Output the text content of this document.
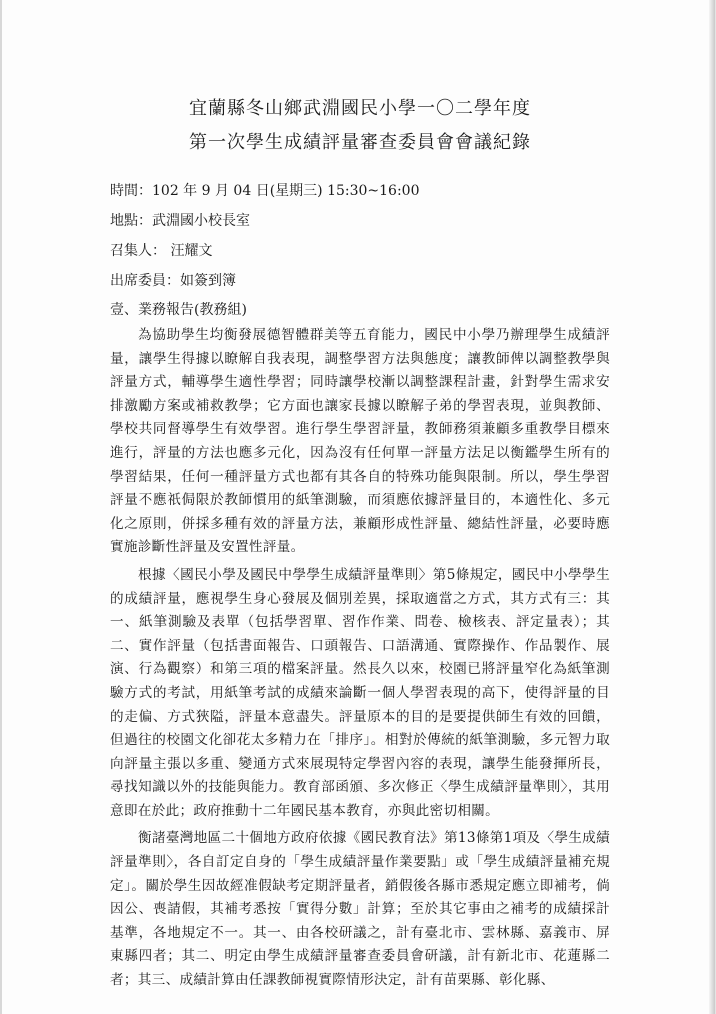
宜蘭縣冬山鄉武淵國民小學一〇二學年度
第一次學生成績評量審查委員會會議紀錄

時間：102 年 9 月 04 日(星期三) 15:30~16:00

地點：武淵國小校長室

召集人： 汪耀文

出席委員：如簽到簿

壹、業務報告(教務組)

為協助學生均衡發展德智體群美等五育能力，國民中小學乃辦理學生成績評量，讓學生得據以瞭解自我表現，調整學習方法與態度；讓教師俾以調整教學與評量方式，輔導學生適性學習；同時讓學校漸以調整課程計畫，針對學生需求安排激勵方案或補救教學；它方面也讓家長據以瞭解子弟的學習表現，並與教師、學校共同督導學生有效學習。進行學生學習評量，教師務須兼顧多重教學目標來進行，評量的方法也應多元化，因為沒有任何單一評量方法足以衡鑑學生所有的學習結果，任何一種評量方式也都有其各自的特殊功能與限制。所以，學生學習評量不應祇侷限於教師慣用的紙筆測驗，而須應依據評量目的，本適性化、多元化之原則，併採多種有效的評量方法，兼顧形成性評量、總結性評量，必要時應實施診斷性評量及安置性評量。

根據〈國民小學及國民中學學生成績評量準則〉第5條規定，國民中小學學生的成績評量，應視學生身心發展及個別差異，採取適當之方式，其方式有三：其一、紙筆測驗及表單（包括學習單、習作作業、問卷、檢核表、評定量表）；其二、實作評量（包括書面報告、口頭報告、口語溝通、實際操作、作品製作、展演、行為觀察）和第三項的檔案評量。然長久以來，校園已將評量窄化為紙筆測驗方式的考試，用紙筆考試的成績來論斷一個人學習表現的高下，使得評量的目的走偏、方式狹隘，評量本意盡失。評量原本的目的是要提供師生有效的回饋，但過往的校園文化卻花太多精力在「排序」。相對於傳統的紙筆測驗，多元智力取向評量主張以多重、變通方式來展現特定學習內容的表現，讓學生能發揮所長，尋找知識以外的技能與能力。教育部函頒、多次修正〈學生成績評量準則〉，其用意即在於此；政府推動十二年國民基本教育，亦與此密切相關。

衡諸臺灣地區二十個地方政府依據《國民教育法》第13條第1項及〈學生成績評量準則〉，各自訂定自身的「學生成績評量作業要點」或「學生成績評量補充規定」。關於學生因故經准假缺考定期評量者，銷假後各縣市悉規定應立即補考，倘因公、喪請假，其補考悉按「實得分數」計算；至於其它事由之補考的成績採計基準，各地規定不一。其一、由各校研議之，計有臺北市、雲林縣、嘉義市、屏東縣四者；其二、明定由學生成績評量審查委員會研議，計有新北市、花蓮縣二者；其三、成績計算由任課教師視實際情形決定，計有苗栗縣、彰化縣、
